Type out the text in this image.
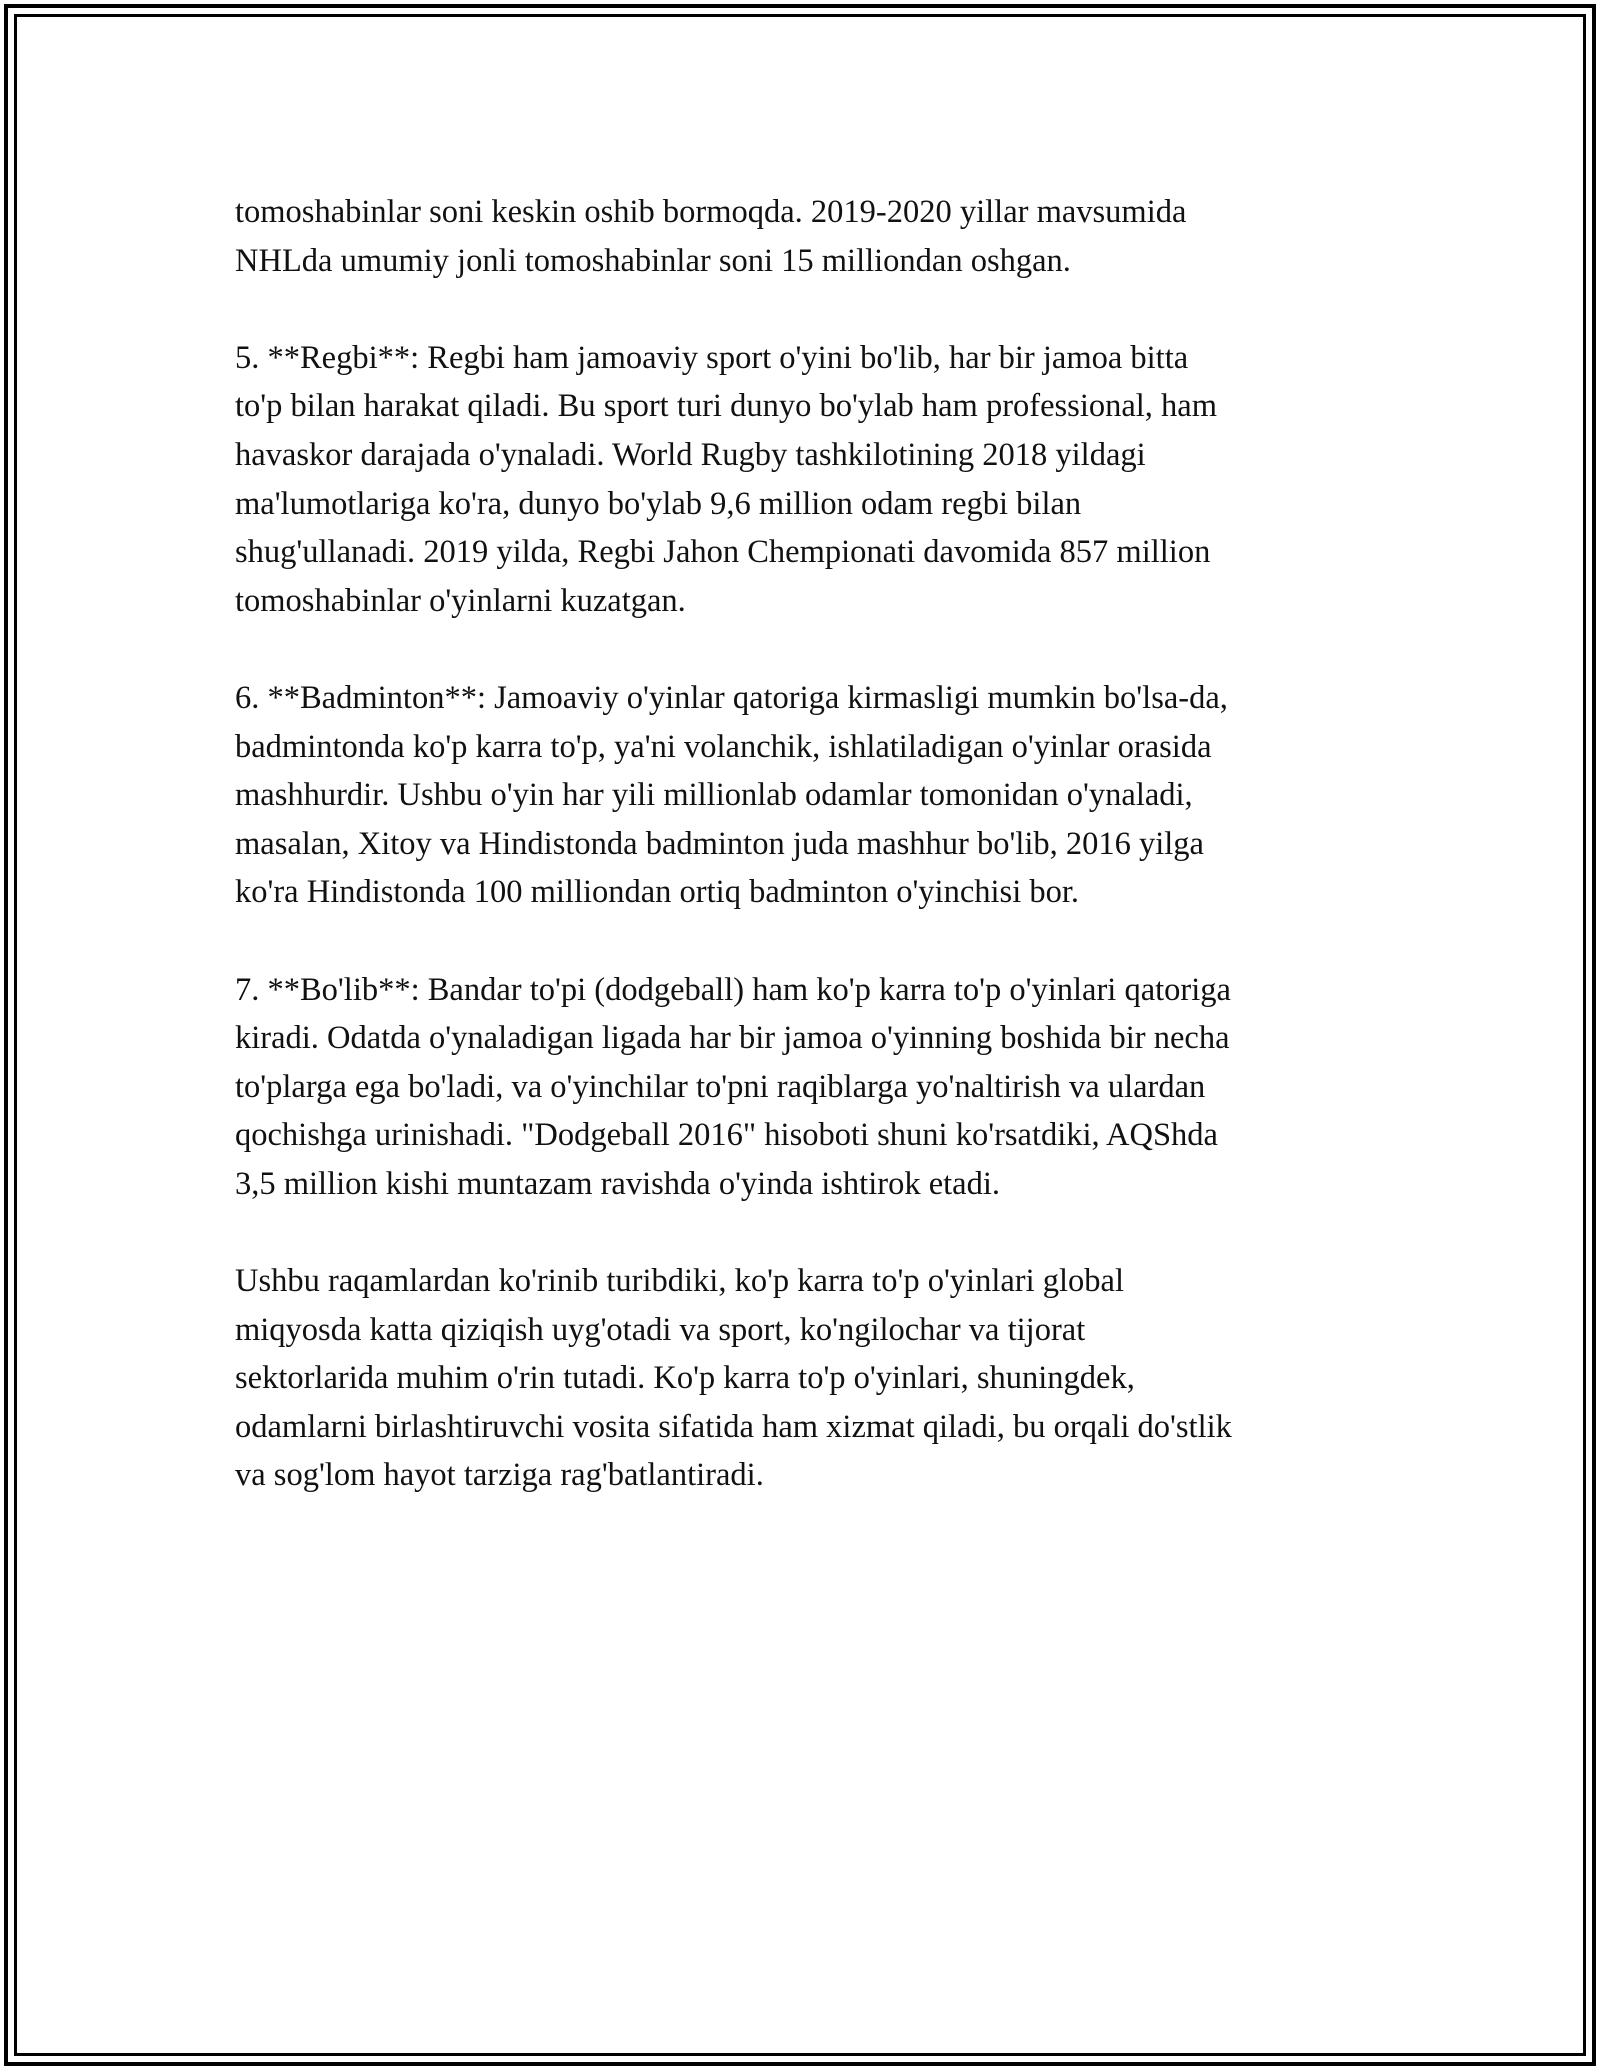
tomoshabinlar soni keskin oshib bormoqda. 2019-2020 yillar mavsumida
NHLda umumiy jonli tomoshabinlar soni 15 milliondan oshgan.

5. **Regbi**: Regbi ham jamoaviy sport o'yini bo'lib, har bir jamoa bitta
to'p bilan harakat qiladi. Bu sport turi dunyo bo'ylab ham professional, ham
havaskor darajada o'ynaladi. World Rugby tashkilotining 2018 yildagi
ma'lumotlariga ko'ra, dunyo bo'ylab 9,6 million odam regbi bilan
shug'ullanadi. 2019 yilda, Regbi Jahon Chempionati davomida 857 million
tomoshabinlar o'yinlarni kuzatgan.

6. **Badminton**: Jamoaviy o'yinlar qatoriga kirmasligi mumkin bo'lsa-da,
badmintonda ko'p karra to'p, ya'ni volanchik, ishlatiladigan o'yinlar orasida
mashhurdir. Ushbu o'yin har yili millionlab odamlar tomonidan o'ynaladi,
masalan, Xitoy va Hindistonda badminton juda mashhur bo'lib, 2016 yilga
ko'ra Hindistonda 100 milliondan ortiq badminton o'yinchisi bor.

7. **Bo'lib**: Bandar to'pi (dodgeball) ham ko'p karra to'p o'yinlari qatoriga
kiradi. Odatda o'ynaladigan ligada har bir jamoa o'yinning boshida bir necha
to'plarga ega bo'ladi, va o'yinchilar to'pni raqiblarga yo'naltirish va ulardan
qochishga urinishadi. "Dodgeball 2016" hisoboti shuni ko'rsatdiki, AQShda
3,5 million kishi muntazam ravishda o'yinda ishtirok etadi.

Ushbu raqamlardan ko'rinib turibdiki, ko'p karra to'p o'yinlari global
miqyosda katta qiziqish uyg'otadi va sport, ko'ngilochar va tijorat
sektorlarida muhim o'rin tutadi. Ko'p karra to'p o'yinlari, shuningdek,
odamlarni birlashtiruvchi vosita sifatida ham xizmat qiladi, bu orqali do'stlik
va sog'lom hayot tarziga rag'batlantiradi.
